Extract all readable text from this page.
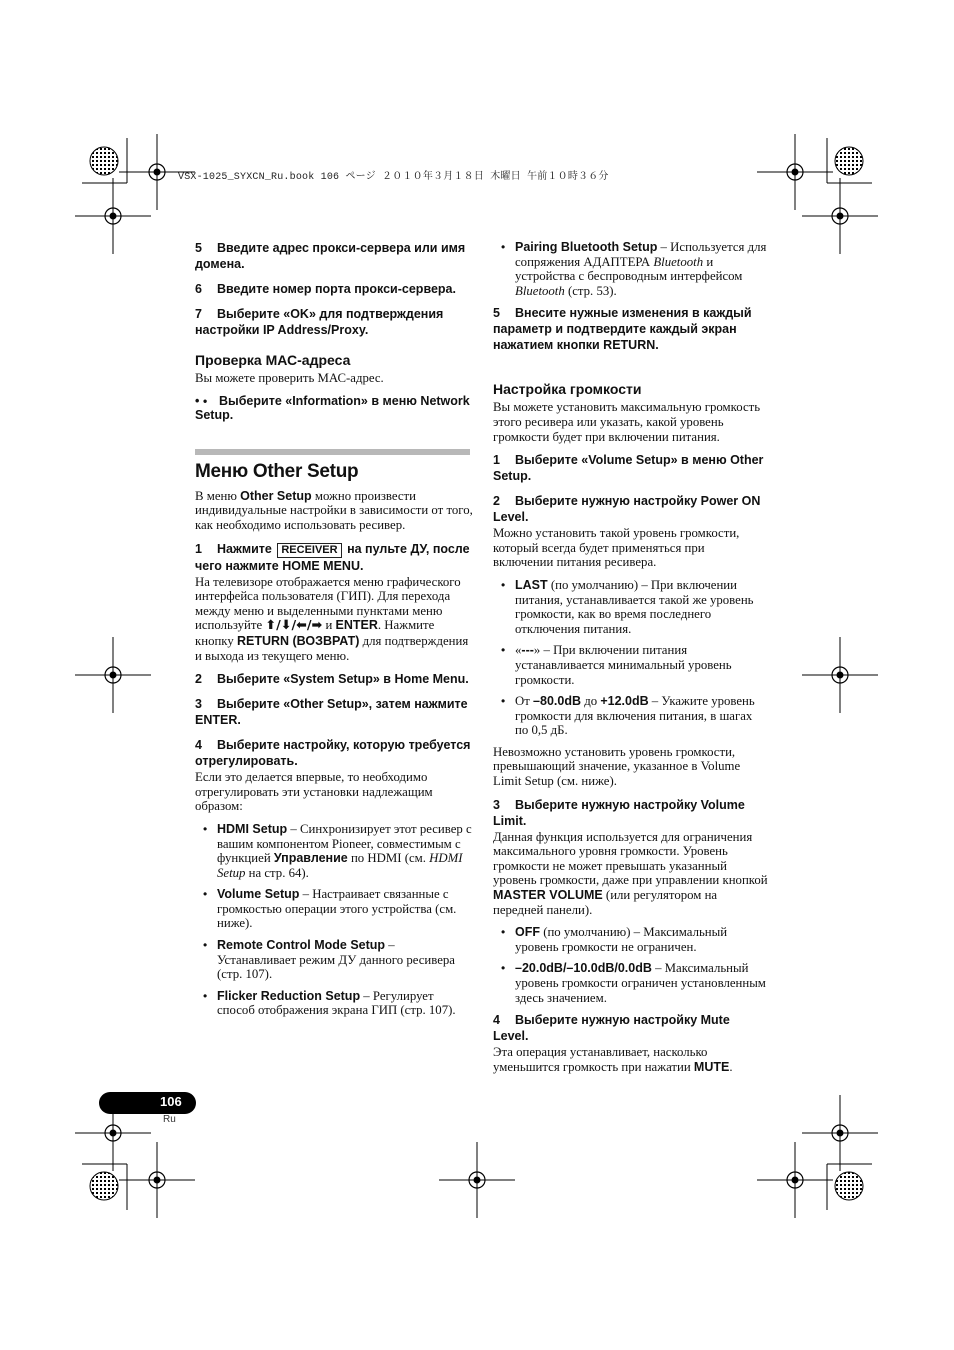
VSX-1025_SYXCN_Ru.book 106 ページ ２０１０年３月１８日 木曜日 午前１０時３６分
5 Введите адрес прокси-сервера или имя домена.
6 Введите номер порта прокси-сервера.
7 Выберите «OK» для подтверждения настройки IP Address/Proxy.
Проверка МАС-адреса
Вы можете проверить МАС-адрес.
• • Выберите «Information» в меню Network Setup.
Меню Other Setup
В меню Other Setup можно произвести индивидуальные настройки в зависимости от того, как необходимо использовать ресивер.
1 Нажмите RECEIVER на пульте ДУ, после чего нажмите HOME MENU.
На телевизоре отображается меню графического интерфейса пользователя (ГИП). Для перехода между меню и выделенными пунктами меню используйте ⬆/⬇/⬅/➡ и ENTER. Нажмите кнопку RETURN (ВОЗВРАТ) для подтверждения и выхода из текущего меню.
2 Выберите «System Setup» в Home Menu.
3 Выберите «Other Setup», затем нажмите ENTER.
4 Выберите настройку, которую требуется отрегулировать.
Если это делается впервые, то необходимо отрегулировать эти установки надлежащим образом:
• HDMI Setup – Синхронизирует этот ресивер с вашим компонентом Pioneer, совместимым с функцией Управление по HDMI (см. HDMI Setup на стр. 64).
• Volume Setup – Настраивает связанные с громкостью операции этого устройства (см. ниже).
• Remote Control Mode Setup – Устанавливает режим ДУ данного ресивера (стр. 107).
• Flicker Reduction Setup – Регулирует способ отображения экрана ГИП (стр. 107).
• Pairing Bluetooth Setup – Используется для сопряжения АДАПТЕРА Bluetooth и устройства с беспроводным интерфейсом Bluetooth (стр. 53).
5 Внесите нужные изменения в каждый параметр и подтвердите каждый экран нажатием кнопки RETURN.
Настройка громкости
Вы можете установить максимальную громкость этого ресивера или указать, какой уровень громкости будет при включении питания.
1 Выберите «Volume Setup» в меню Other Setup.
2 Выберите нужную настройку Power ON Level.
Можно установить такой уровень громкости, который всегда будет применяться при включении питания ресивера.
• LAST (по умолчанию) – При включении питания, устанавливается такой же уровень громкости, как во время последнего отключения питания.
• «---» – При включении питания устанавливается минимальный уровень громкости.
• От –80.0dB до +12.0dB – Укажите уровень громкости для включения питания, в шагах по 0,5 дБ.
Невозможно установить уровень громкости, превышающий значение, указанное в Volume Limit Setup (см. ниже).
3 Выберите нужную настройку Volume Limit.
Данная функция используется для ограничения максимального уровня громкости. Уровень громкости не может превышать указанный уровень громкости, даже при управлении кнопкой MASTER VOLUME (или регулятором на передней панели).
• OFF (по умолчанию) – Максимальный уровень громкости не ограничен.
• –20.0dB/–10.0dB/0.0dB – Максимальный уровень громкости ограничен установленным здесь значением.
4 Выберите нужную настройку Mute Level.
Эта операция устанавливает, насколько уменьшится громкость при нажатии MUTE.
106
Ru
